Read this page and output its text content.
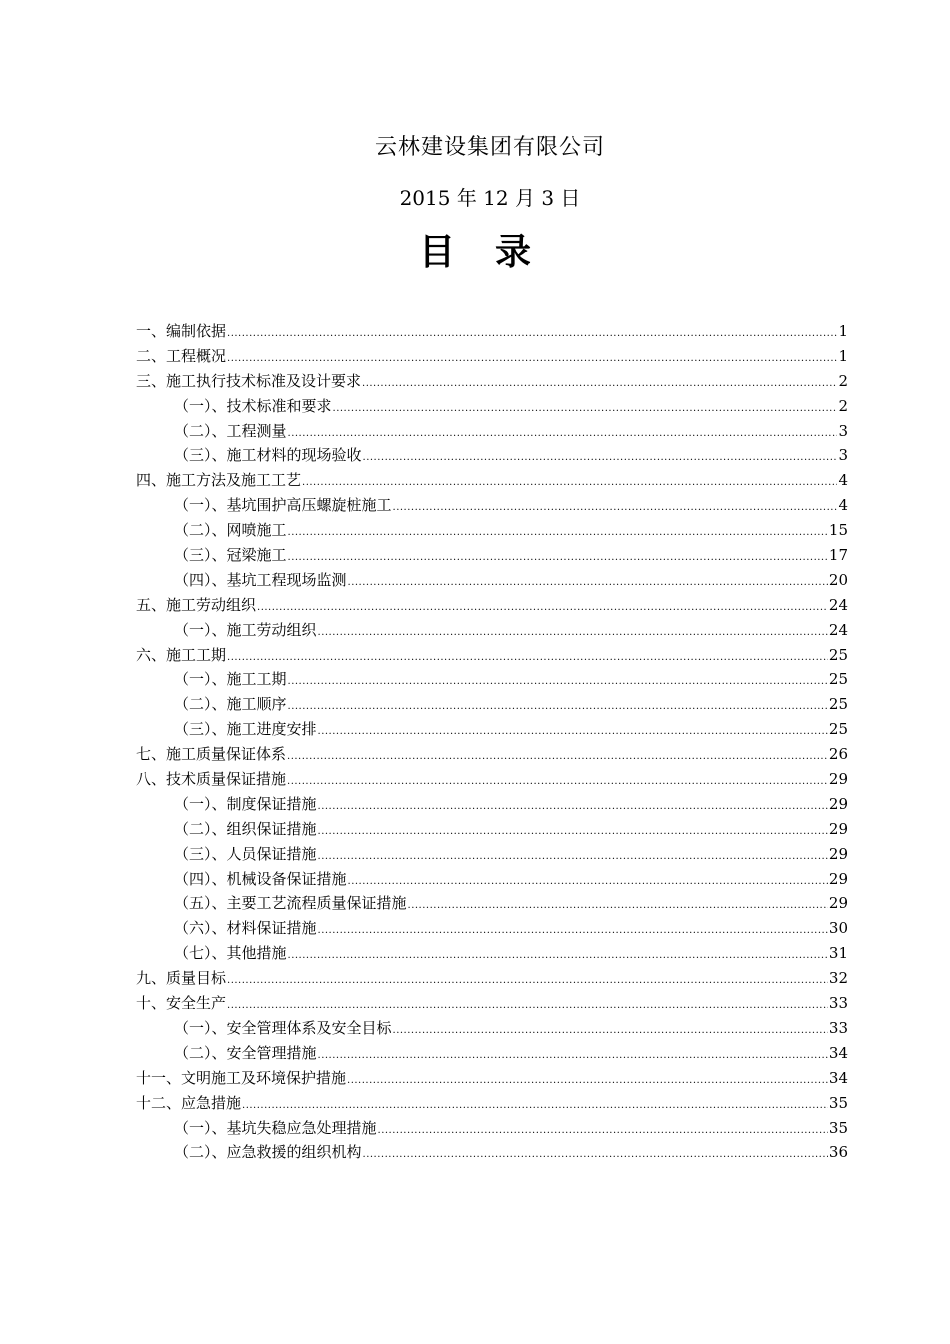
云林建设集团有限公司
2015 年 12 月 3 日
目录
一、编制依据 .....	1
二、工程概况 .....	1
三、施工执行技术标准及设计要求 .....	2
（一）、技术标准和要求 .....	2
（二）、工程测量 .....	3
（三）、施工材料的现场验收 .....	3
四、施工方法及施工工艺 .....	4
（一）、基坑围护高压螺旋桩施工 .....	4
（二）、网喷施工 .....	15
（三）、冠梁施工 .....	17
（四）、基坑工程现场监测 .....	20
五、施工劳动组织 .....	24
（一）、施工劳动组织 .....	24
六、施工工期 .....	25
（一）、施工工期 .....	25
（二）、施工顺序 .....	25
（三）、施工进度安排 .....	25
七、施工质量保证体系 .....	26
八、技术质量保证措施 .....	29
（一）、制度保证措施 .....	29
（二）、组织保证措施 .....	29
（三）、人员保证措施 .....	29
（四）、机械设备保证措施 .....	29
（五）、主要工艺流程质量保证措施 .....	29
（六）、材料保证措施 .....	30
（七）、其他措施 .....	31
九、质量目标 .....	32
十、安全生产 .....	33
（一）、安全管理体系及安全目标 .....	33
（二）、安全管理措施 .....	34
十一、文明施工及环境保护措施 .....	34
十二、应急措施 .....	35
（一）、基坑失稳应急处理措施 .....	35
（二）、应急救援的组织机构 .....	36
